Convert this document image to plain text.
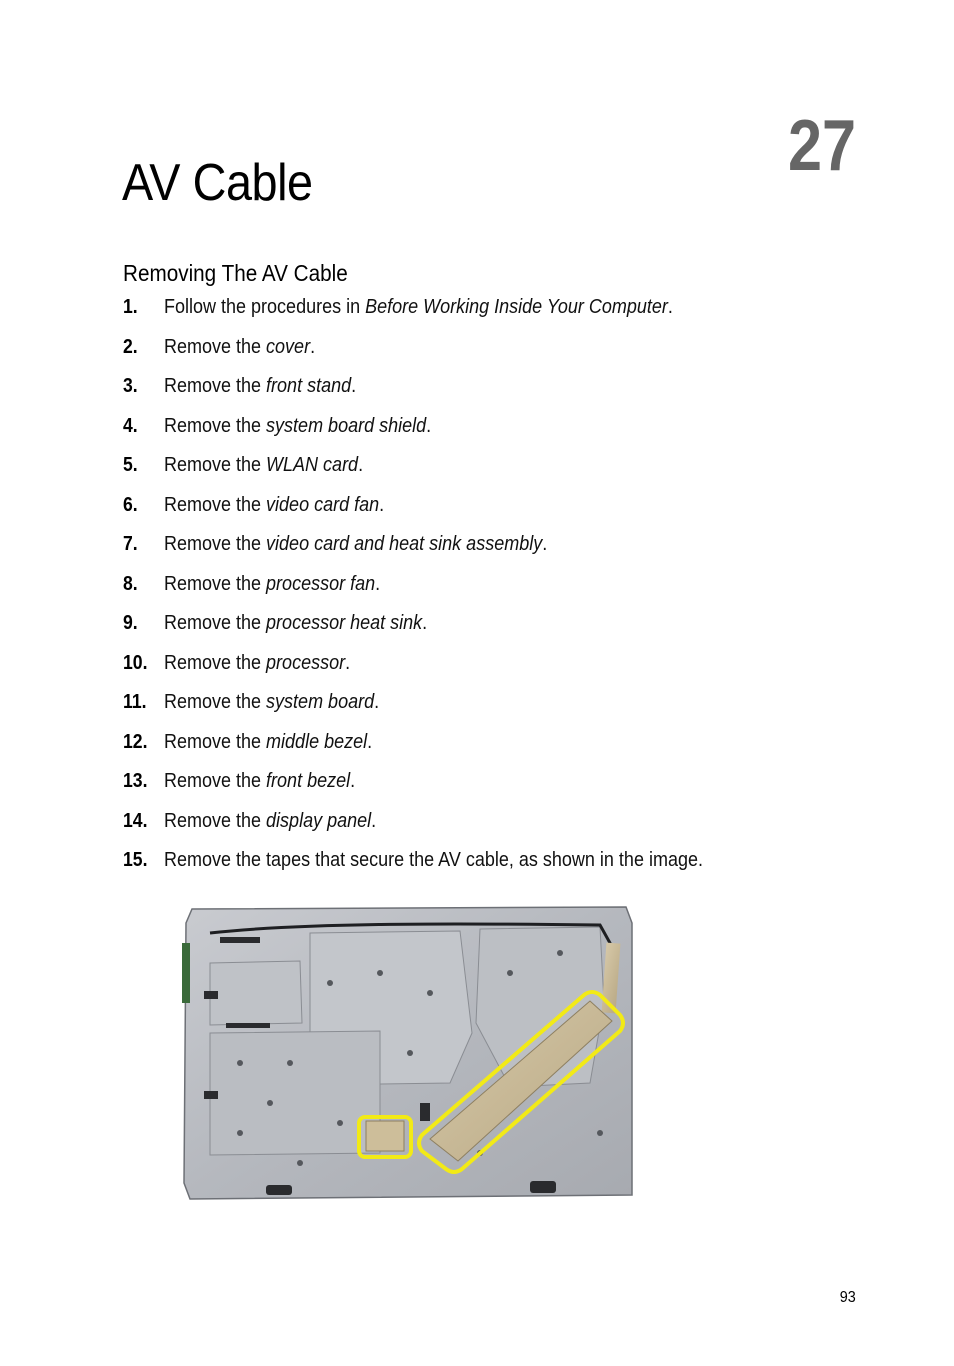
AV Cable	27
Removing The AV Cable
1. Follow the procedures in Before Working Inside Your Computer.
2. Remove the cover.
3. Remove the front stand.
4. Remove the system board shield.
5. Remove the WLAN card.
6. Remove the video card fan.
7. Remove the video card and heat sink assembly.
8. Remove the processor fan.
9. Remove the processor heat sink.
10. Remove the processor.
11. Remove the system board.
12. Remove the middle bezel.
13. Remove the front bezel.
14. Remove the display panel.
15. Remove the tapes that secure the AV cable, as shown in the image.
93
